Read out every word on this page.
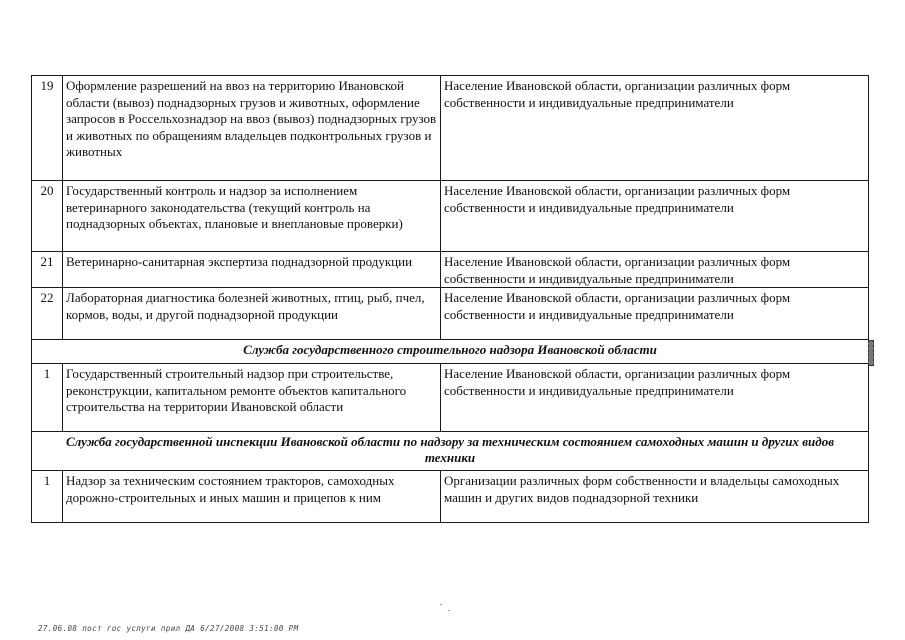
19	Оформление разрешений на ввоз на территорию Ивановской области (вывоз) поднадзорных грузов и животных, оформление запросов в Россельхознадзор на ввоз (вывоз) поднадзорных грузов и животных по обращениям владельцев подконтрольных грузов и животных	Население Ивановской области, организации различных форм собственности и индивидуальные предприниматели
20	Государственный контроль и надзор за исполнением ветеринарного законодательства (текущий контроль на поднадзорных объектах, плановые и внеплановые проверки)	Население Ивановской области, организации различных форм собственности и индивидуальные предприниматели
21	Ветеринарно-санитарная экспертиза поднадзорной продукции	Население Ивановской области, организации различных форм собственности и индивидуальные предприниматели
22	Лабораторная диагностика болезней животных, птиц, рыб, пчел, кормов, воды, и другой поднадзорной продукции	Население Ивановской области, организации различных форм собственности и индивидуальные предприниматели
Служба государственного строительного надзора Ивановской области		
1	Государственный строительный надзор при строительстве, реконструкции, капитальном ремонте объектов капитального строительства на территории Ивановской области	Население Ивановской области, организации различных форм собственности и индивидуальные предприниматели
Служба государственной инспекции Ивановской области по надзору за техническим состоянием самоходных машин и других видов техники		
1	Надзор за техническим состоянием тракторов, самоходных дорожно-строительных и иных машин и прицепов к ним	Организации различных форм собственности и владельцы самоходных машин и других видов поднадзорной техники
27.06.08 пост гос услуги прил ДА 6/27/2008 3:51:00 PM
